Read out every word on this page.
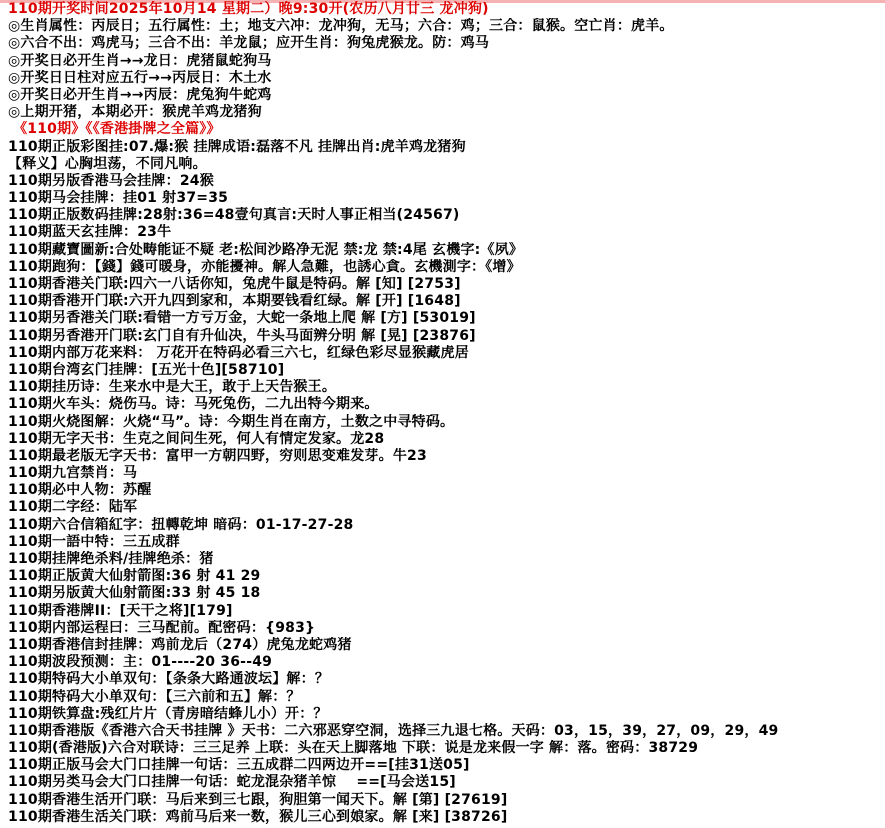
110期开奖时间2025年10月14 星期二）晚9:30开(农历八月廿三 龙冲狗)
◎生肖属性：丙辰日；五行属性：土；地支六冲：龙冲狗，无马；六合：鸡；三合：鼠猴。空亡肖：虎羊。
◎六合不出：鸡虎马；三合不出：羊龙鼠；应开生肖：狗兔虎猴龙。防：鸡马
◎开奖日必开生肖→→龙日：虎猪鼠蛇狗马
◎开奖日日柱对应五行→→丙辰日：木土水
◎开奖日必开生肖→→丙辰：虎兔狗牛蛇鸡
◎上期开猪，本期必开：猴虎羊鸡龙猪狗
《110期》《《香港掛牌之全篇》》
110期正版彩图挂:07.爆:猴 挂牌成语:磊落不凡 挂牌出肖:虎羊鸡龙猪狗
【释义】心胸坦荡，不同凡响。
110期另版香港马会挂牌：24猴
110期马会挂牌：挂01 射37=35
110期正版数码挂牌:28射:36=48壹句真言:天时人事正相当(24567)
110期蓝天玄挂牌：23牛
110期藏寶圖新:合处畴能证不疑 老:松间沙路净无泥 禁:龙 禁:4尾 玄機字:《夙》
110期跑狗：【錢】錢可暖身，亦能擾神。解人急難，也誘心貪。玄機測字：《增》
110期香港关门联:四六一八话你知，兔虎牛鼠是特码。解 [知] [2753]
110期香港开门联:六开九四到家和，本期要钱看红绿。解 [开] [1648]
110期另香港关门联:看错一方亏万金，大蛇一条地上爬 解 [方] [53019]
110期另香港开门联:玄门自有升仙决，牛头马面辨分明 解 [晃] [23876]
110期内部万花来料： 万花开在特码必看三六七，红绿色彩尽显猴藏虎居
110期台湾玄门挂牌：[五光十色][58710]
110期挂历诗：生来水中是大王，敢于上天告猴王。
110期火车头：烧伤马。诗：马死兔伤，二九出特今期来。
110期火烧图解：火烧“马”。诗：今期生肖在南方，土数之中寻特码。
110期无字天书：生克之间问生死，何人有情定发家。龙28
110期最老版无字天书：富甲一方朝四野，穷则思变难发芽。牛23
110期九宫禁肖：马
110期必中人物：苏醒
110期二字经：陆军
110期六合信箱紅字：扭轉乾坤 暗码：01-17-27-28
110期一語中特：三五成群
110期挂牌绝杀料/挂牌绝杀：猪
110期正版黄大仙射箭图:36 射 41 29
110期另版黄大仙射箭图:33 射 45 18
110期香港牌II：[天干之将][179]
110期内部运程曰：三马配前。配密码：{983}
110期香港信封挂牌：鸡前龙后（274）虎兔龙蛇鸡猪
110期波段预测：主：01----20 36--49
110期特码大小单双句：【条条大路通波坛】解：？
110期特码大小单双句：【三六前和五】解：？
110期铁算盘:残红片片（青房暗结蜂儿小）开：？
110期香港版《香港六合天书挂牌 》天书：二六邪恶穿空洞，选择三九退七格。天码：03，15，39，27，09，29，49
110期(香港版)六合对联诗：三三足养 上联：头在天上脚落地 下联：说是龙来假一字 解：落。密码：38729
110期正版马会大门口挂牌一句话：三五成群二四两边开==[挂31送05]
110期另类马会大门口挂牌一句话：蛇龙混杂猪羊惊    ==[马会送15]
110期香港生活开门联：马后来到三七跟，狗胆第一闻天下。解 [第] [27619]
110期香港生活关门联：鸡前马后来一数，猴儿三心到娘家。解 [来] [38726]
